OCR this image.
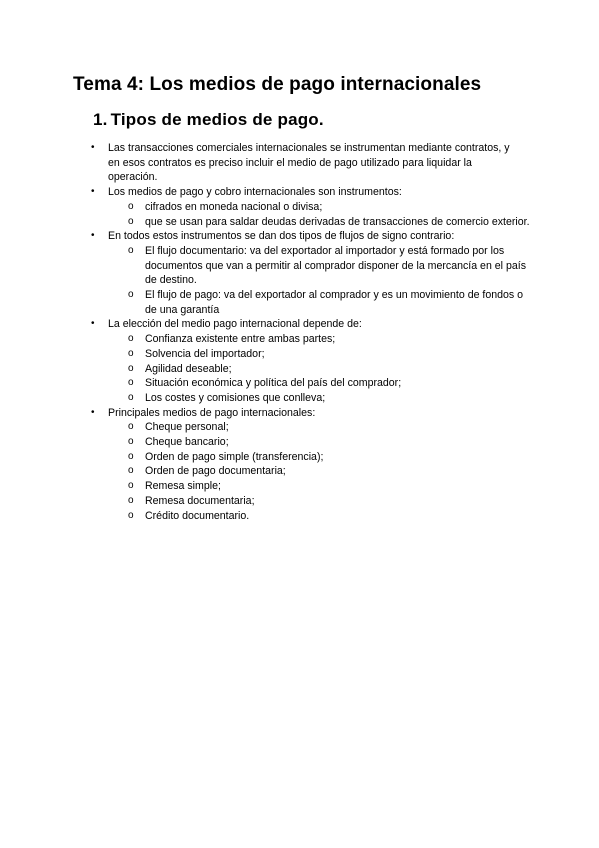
Tema 4: Los medios de pago internacionales
1. Tipos de medios de pago.
• Las transacciones comerciales internacionales se instrumentan mediante contratos, y en esos contratos es preciso incluir el medio de pago utilizado para liquidar la operación.
• Los medios de pago y cobro internacionales son instrumentos:
o cifrados en moneda nacional o divisa;
o que se usan para saldar deudas derivadas de transacciones de comercio exterior.
• En todos estos instrumentos se dan dos tipos de flujos de signo contrario:
o El flujo documentario: va del exportador al importador y está formado por los documentos que van a permitir al comprador disponer de la mercancía en el país de destino.
o El flujo de pago: va del exportador al comprador y es un movimiento de fondos o de una garantía
• La elección del medio pago internacional depende de:
o Confianza existente entre ambas partes;
o Solvencia del importador;
o Agilidad deseable;
o Situación económica y política del país del comprador;
o Los costes y comisiones que conlleva;
• Principales medios de pago internacionales:
o Cheque personal;
o Cheque bancario;
o Orden de pago simple (transferencia);
o Orden de pago documentaria;
o Remesa simple;
o Remesa documentaria;
o Crédito documentario.
